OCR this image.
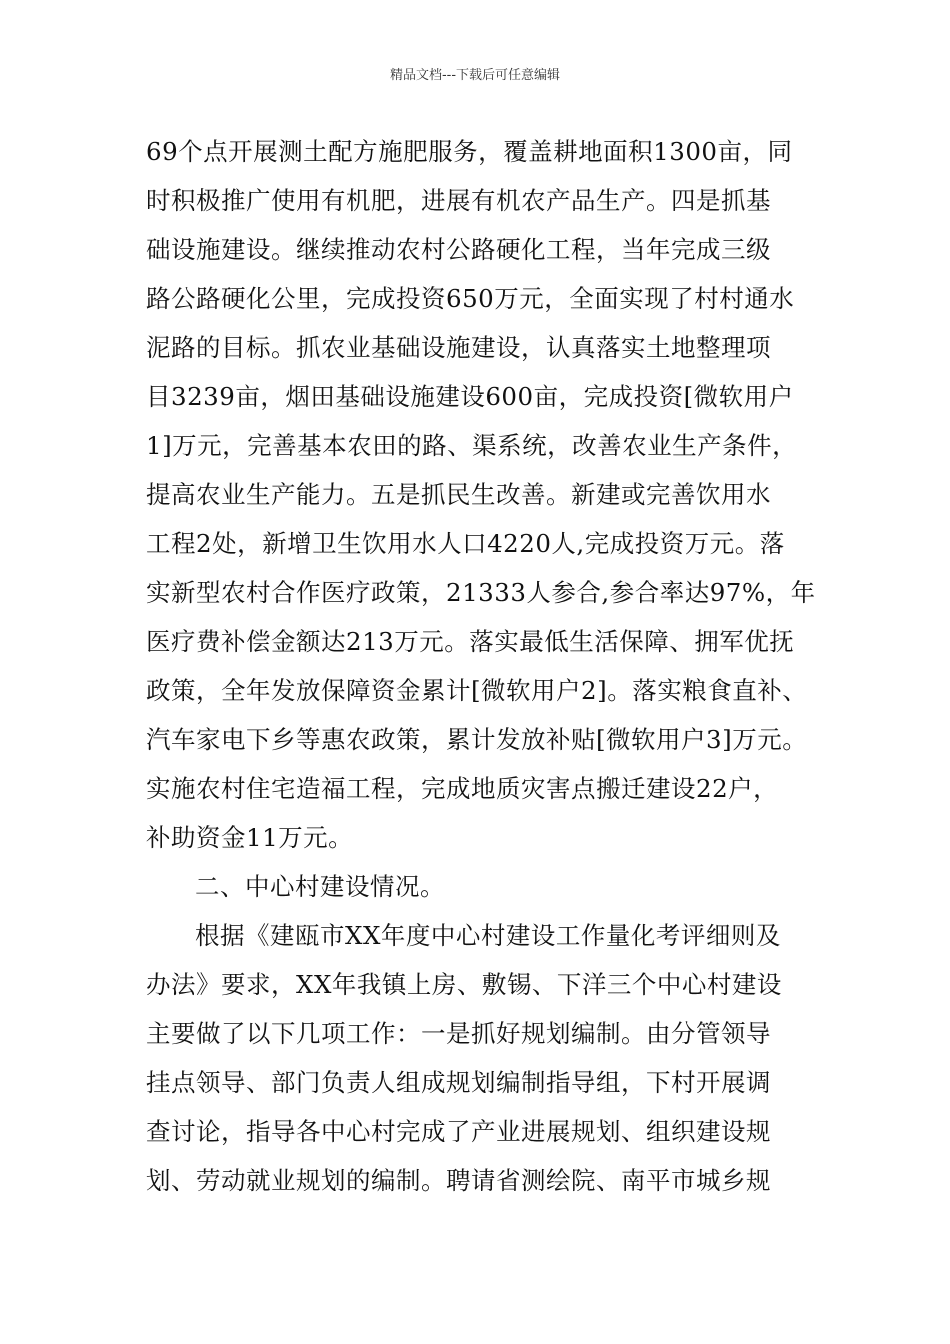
精品文档---下载后可任意编辑
69个点开展测土配方施肥服务，覆盖耕地面积1300亩，同
时积极推广使用有机肥，进展有机农产品生产。四是抓基
础设施建设。继续推动农村公路硬化工程，当年完成三级
路公路硬化公里，完成投资650万元，全面实现了村村通水
泥路的目标。抓农业基础设施建设，认真落实土地整理项
目3239亩，烟田基础设施建设600亩，完成投资[微软用户
1]万元，完善基本农田的路、渠系统，改善农业生产条件，
提高农业生产能力。五是抓民生改善。新建或完善饮用水
工程2处，新增卫生饮用水人口4220人,完成投资万元。落
实新型农村合作医疗政策，21333人参合,参合率达97%，年
医疗费补偿金额达213万元。落实最低生活保障、拥军优抚
政策，全年发放保障资金累计[微软用户2]。落实粮食直补、
汽车家电下乡等惠农政策，累计发放补贴[微软用户3]万元。
实施农村住宅造福工程，完成地质灾害点搬迁建设22户，
补助资金11万元。
二、中心村建设情况。
根据《建瓯市XX年度中心村建设工作量化考评细则及
办法》要求，XX年我镇上房、敷锡、下洋三个中心村建设
主要做了以下几项工作：一是抓好规划编制。由分管领导
挂点领导、部门负责人组成规划编制指导组，下村开展调
查讨论，指导各中心村完成了产业进展规划、组织建设规
划、劳动就业规划的编制。聘请省测绘院、南平市城乡规
